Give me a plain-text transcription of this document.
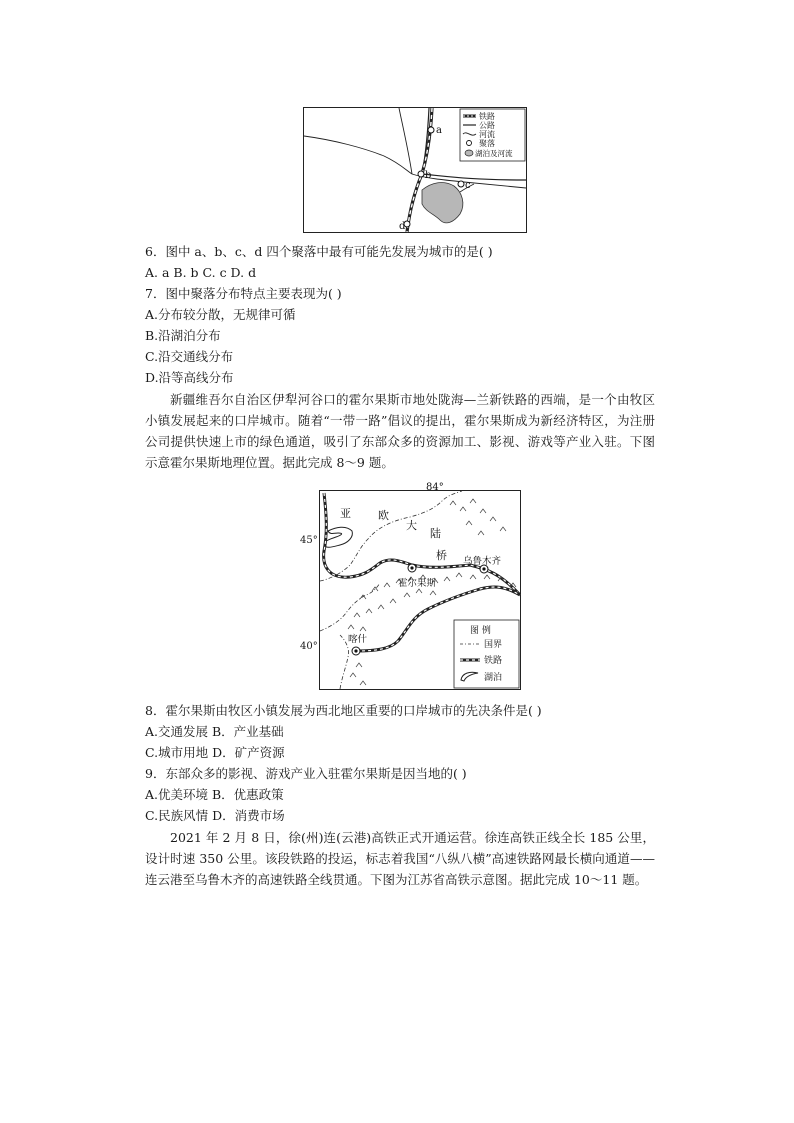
a
b
c
d
铁路
公路
河流
聚落
湖泊及河流
6．图中 a、b、c、d 四个聚落中最有可能先发展为城市的是( )
A. a B. b C. c D. d
7．图中聚落分布特点主要表现为( )
A.分布较分散，无规律可循
B.沿湖泊分布
C.沿交通线分布
D.沿等高线分布
新疆维吾尔自治区伊犁河谷口的霍尔果斯市地处陇海—兰新铁路的西端，是一个由牧区小镇发展起来的口岸城市。随着“一带一路”倡议的提出，霍尔果斯成为新经济特区，为注册公司提供快速上市的绿色通道，吸引了东部众多的资源加工、影视、游戏等产业入驻。下图示意霍尔果斯地理位置。据此完成 8～9 题。
84°
亚 欧
大
陆
桥 乌鲁木齐
霍尔果斯
喀什
图 例
国界
铁路
湖泊
45°
40°
8．霍尔果斯由牧区小镇发展为西北地区重要的口岸城市的先决条件是( )
A.交通发展 B．产业基础
C.城市用地 D．矿产资源
9．东部众多的影视、游戏产业入驻霍尔果斯是因当地的( )
A.优美环境 B．优惠政策
C.民族风情 D．消费市场
2021 年 2 月 8 日，徐(州)连(云港)高铁正式开通运营。徐连高铁正线全长 185 公里，设计时速 350 公里。该段铁路的投运，标志着我国“八纵八横”高速铁路网最长横向通道——连云港至乌鲁木齐的高速铁路全线贯通。下图为江苏省高铁示意图。据此完成 10～11 题。
